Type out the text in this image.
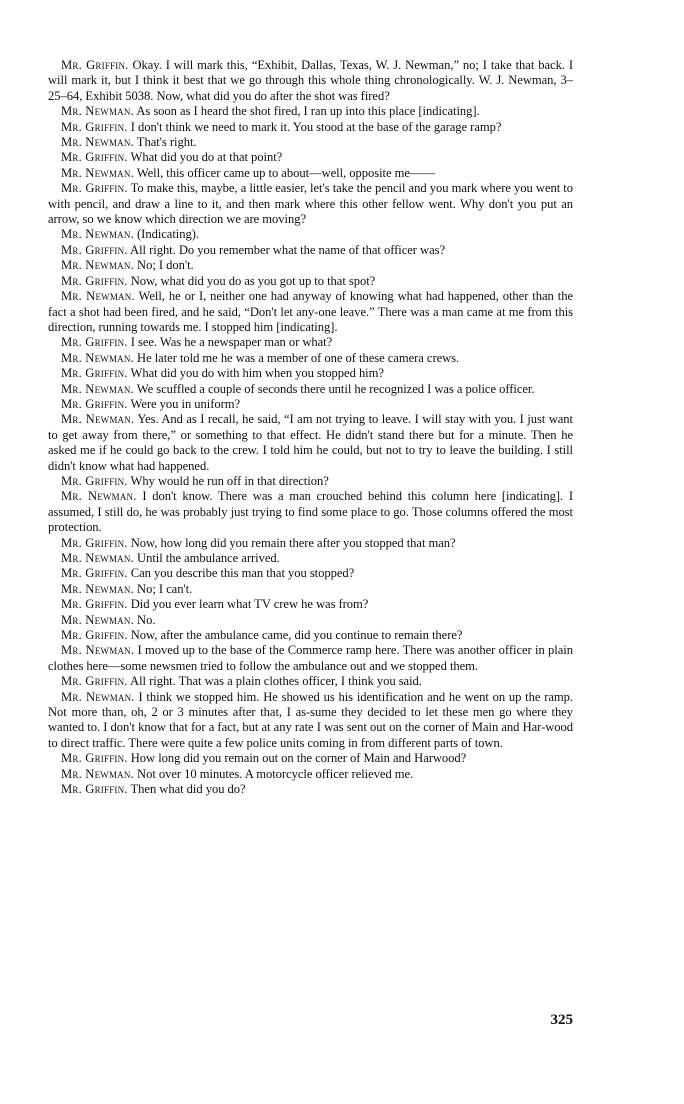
Mr. Griffin. Okay. I will mark this, “Exhibit, Dallas, Texas, W. J. Newman,” no; I take that back. I will mark it, but I think it best that we go through this whole thing chronologically. W. J. Newman, 3–25–64, Exhibit 5038. Now, what did you do after the shot was fired?

Mr. Newman. As soon as I heard the shot fired, I ran up into this place [indicating].

Mr. Griffin. I don't think we need to mark it. You stood at the base of the garage ramp?

Mr. Newman. That's right.

Mr. Griffin. What did you do at that point?

Mr. Newman. Well, this officer came up to about—well, opposite me——

Mr. Griffin. To make this, maybe, a little easier, let's take the pencil and you mark where you went to with pencil, and draw a line to it, and then mark where this other fellow went. Why don't you put an arrow, so we know which direction we are moving?

Mr. Newman. (Indicating).

Mr. Griffin. All right. Do you remember what the name of that officer was?

Mr. Newman. No; I don't.

Mr. Griffin. Now, what did you do as you got up to that spot?

Mr. Newman. Well, he or I, neither one had anyway of knowing what had happened, other than the fact a shot had been fired, and he said, “Don't let any-one leave.” There was a man came at me from this direction, running towards me. I stopped him [indicating].

Mr. Griffin. I see. Was he a newspaper man or what?

Mr. Newman. He later told me he was a member of one of these camera crews.

Mr. Griffin. What did you do with him when you stopped him?

Mr. Newman. We scuffled a couple of seconds there until he recognized I was a police officer.

Mr. Griffin. Were you in uniform?

Mr. Newman. Yes. And as I recall, he said, “I am not trying to leave. I will stay with you. I just want to get away from there,” or something to that effect. He didn't stand there but for a minute. Then he asked me if he could go back to the crew. I told him he could, but not to try to leave the building. I still didn't know what had happened.

Mr. Griffin. Why would he run off in that direction?

Mr. Newman. I don't know. There was a man crouched behind this column here [indicating]. I assumed, I still do, he was probably just trying to find some place to go. Those columns offered the most protection.

Mr. Griffin. Now, how long did you remain there after you stopped that man?

Mr. Newman. Until the ambulance arrived.

Mr. Griffin. Can you describe this man that you stopped?

Mr. Newman. No; I can't.

Mr. Griffin. Did you ever learn what TV crew he was from?

Mr. Newman. No.

Mr. Griffin. Now, after the ambulance came, did you continue to remain there?

Mr. Newman. I moved up to the base of the Commerce ramp here. There was another officer in plain clothes here—some newsmen tried to follow the ambulance out and we stopped them.

Mr. Griffin. All right. That was a plain clothes officer, I think you said.

Mr. Newman. I think we stopped him. He showed us his identification and he went on up the ramp. Not more than, oh, 2 or 3 minutes after that, I as-sume they decided to let these men go where they wanted to. I don't know that for a fact, but at any rate I was sent out on the corner of Main and Har-wood to direct traffic. There were quite a few police units coming in from different parts of town.

Mr. Griffin. How long did you remain out on the corner of Main and Harwood?

Mr. Newman. Not over 10 minutes. A motorcycle officer relieved me.

Mr. Griffin. Then what did you do?

325
